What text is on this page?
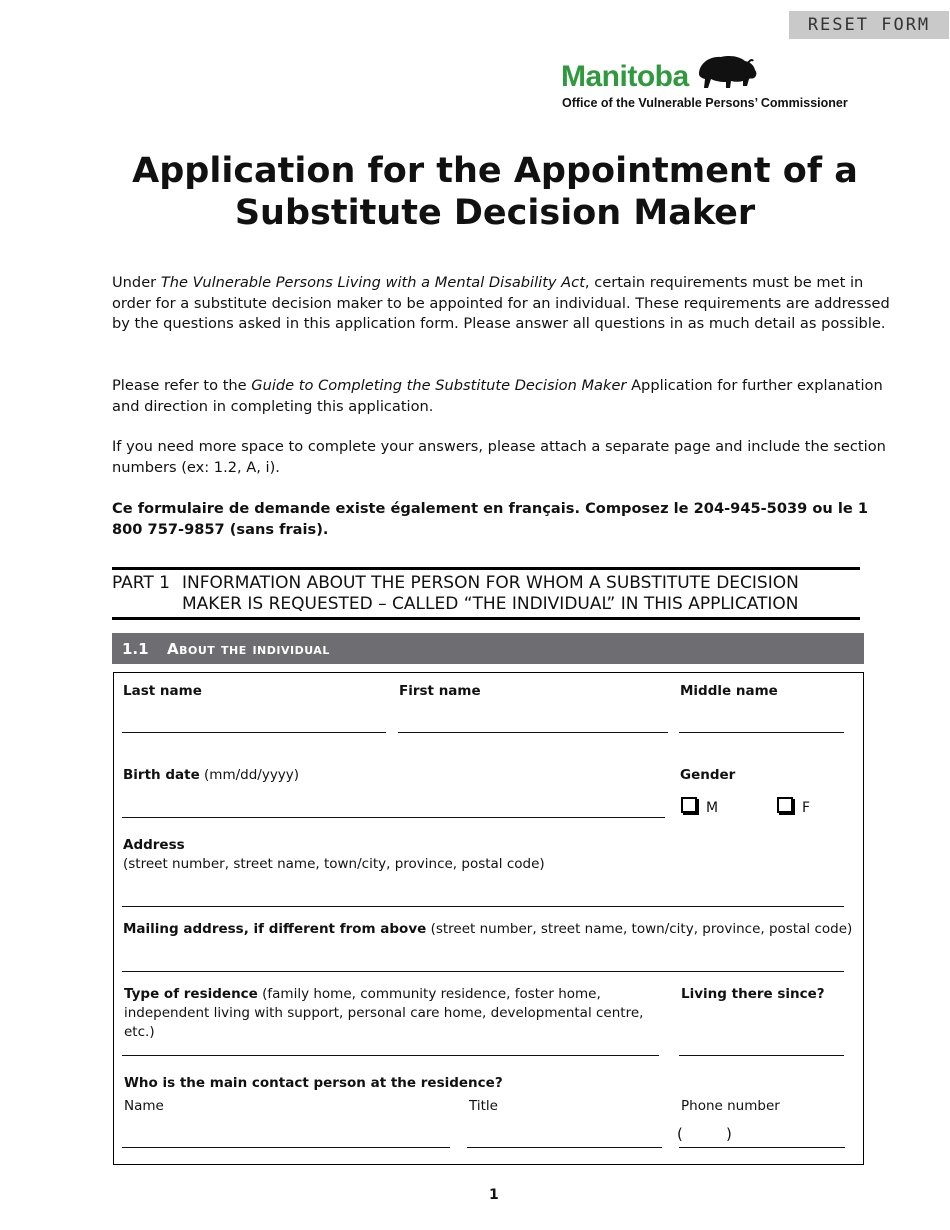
RESET FORM
Manitoba
Office of the Vulnerable Persons’ Commissioner
Application for the Appointment of a
Substitute Decision Maker
Under The Vulnerable Persons Living with a Mental Disability Act, certain requirements must be met in order for a substitute decision maker to be appointed for an individual. These requirements are addressed by the questions asked in this application form. Please answer all questions in as much detail as possible.
Please refer to the Guide to Completing the Substitute Decision Maker Application for further explanation and direction in completing this application.
If you need more space to complete your answers, please attach a separate page and include the section numbers (ex: 1.2, A, i).
Ce formulaire de demande existe également en français. Composez le 204-945-5039 ou le 1 800 757-9857 (sans frais).
PART 1 INFORMATION ABOUT THE PERSON FOR WHOM A SUBSTITUTE DECISION
MAKER IS REQUESTED – CALLED “THE INDIVIDUAL” IN THIS APPLICATION
1.1 About the individual
Last name	First name	Middle name
Birth date (mm/dd/yyyy)	Gender
M	F
Address
(street number, street name, town/city, province, postal code)
Mailing address, if different from above (street number, street name, town/city, province, postal code)
Type of residence (family home, community residence, foster home, independent living with support, personal care home, developmental centre, etc.)
Living there since?
Who is the main contact person at the residence?
Name	Title	Phone number
(	)
1
